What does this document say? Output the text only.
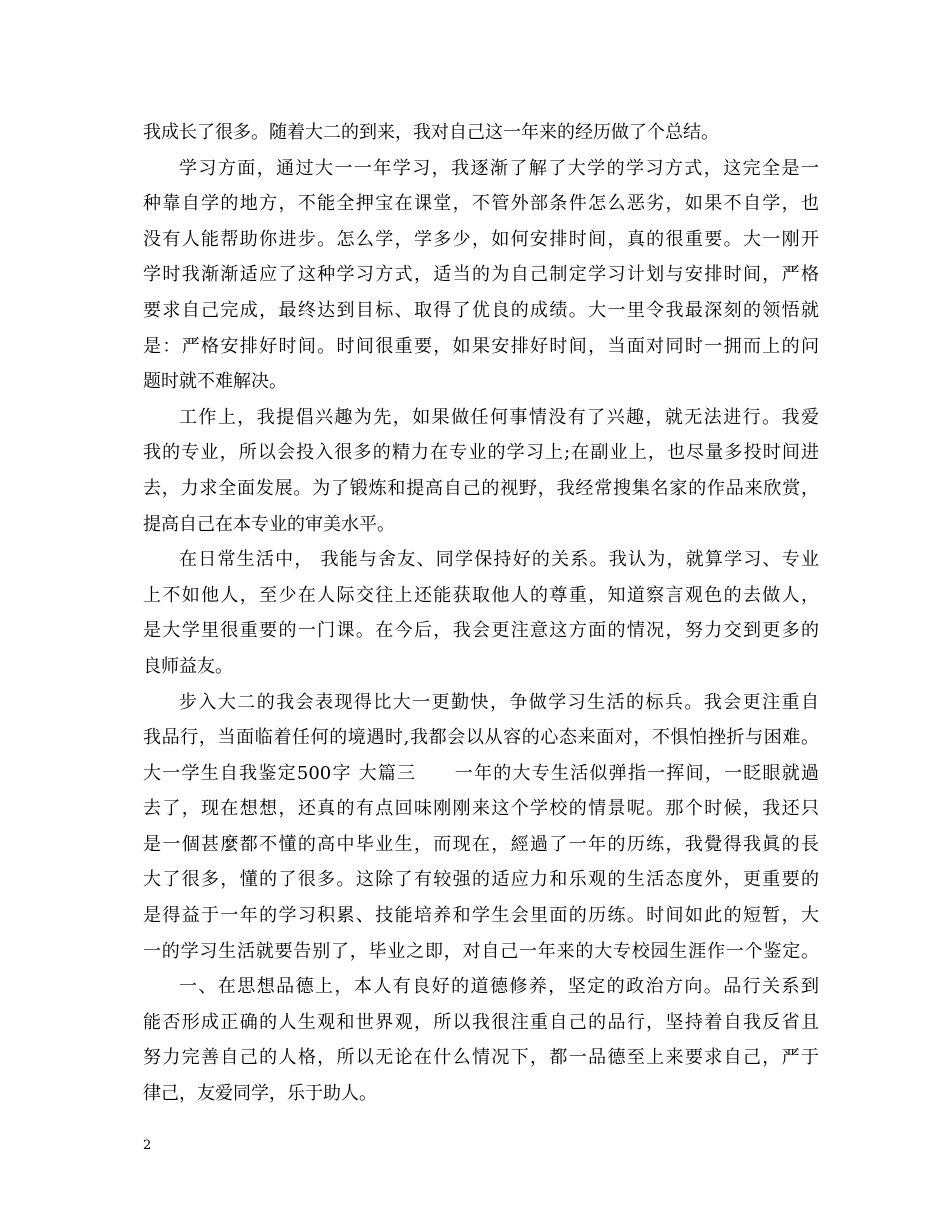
我成长了很多。随着大二的到来，我对自己这一年来的经历做了个总结。
学习方面，通过大一一年学习，我逐渐了解了大学的学习方式，这完全是一
种靠自学的地方，不能全押宝在课堂，不管外部条件怎么恶劣，如果不自学，也
没有人能帮助你进步。怎么学，学多少，如何安排时间，真的很重要。大一刚开
学时我渐渐适应了这种学习方式，适当的为自己制定学习计划与安排时间，严格
要求自己完成，最终达到目标、取得了优良的成绩。大一里令我最深刻的领悟就
是：严格安排好时间。时间很重要，如果安排好时间，当面对同时一拥而上的问
题时就不难解决。
工作上，我提倡兴趣为先，如果做任何事情没有了兴趣，就无法进行。我爱
我的专业，所以会投入很多的精力在专业的学习上;在副业上，也尽量多投时间进
去，力求全面发展。为了锻炼和提高自己的视野，我经常搜集名家的作品来欣赏，
提高自己在本专业的审美水平。
在日常生活中， 我能与舍友、同学保持好的关系。我认为，就算学习、专业
上不如他人，至少在人际交往上还能获取他人的尊重，知道察言观色的去做人，
是大学里很重要的一门课。在今后，我会更注意这方面的情况，努力交到更多的
良师益友。
步入大二的我会表现得比大一更勤快，争做学习生活的标兵。我会更注重自
我品行，当面临着任何的境遇时,我都会以从容的心态来面对，不惧怕挫折与困难。
大一学生自我鉴定500字 大篇三　　一年的大专生活似弹指一挥间，一眨眼就過
去了，现在想想，还真的有点回味刚刚来这个学校的情景呢。那个时候，我还只
是一個甚麼都不懂的高中毕业生，而现在，經過了一年的历练，我覺得我眞的長
大了很多，懂的了很多。这除了有较强的适应力和乐观的生活态度外，更重要的
是得益于一年的学习积累、技能培养和学生会里面的历练。时间如此的短暂，大
一的学习生活就要告别了，毕业之即，对自己一年来的大专校园生涯作一个鉴定。
一、在思想品德上，本人有良好的道德修养，坚定的政治方向。品行关系到
能否形成正确的人生观和世界观，所以我很注重自己的品行，坚持着自我反省且
努力完善自己的人格，所以无论在什么情况下，都一品德至上来要求自己，严于
律己，友爱同学，乐于助人。
2
